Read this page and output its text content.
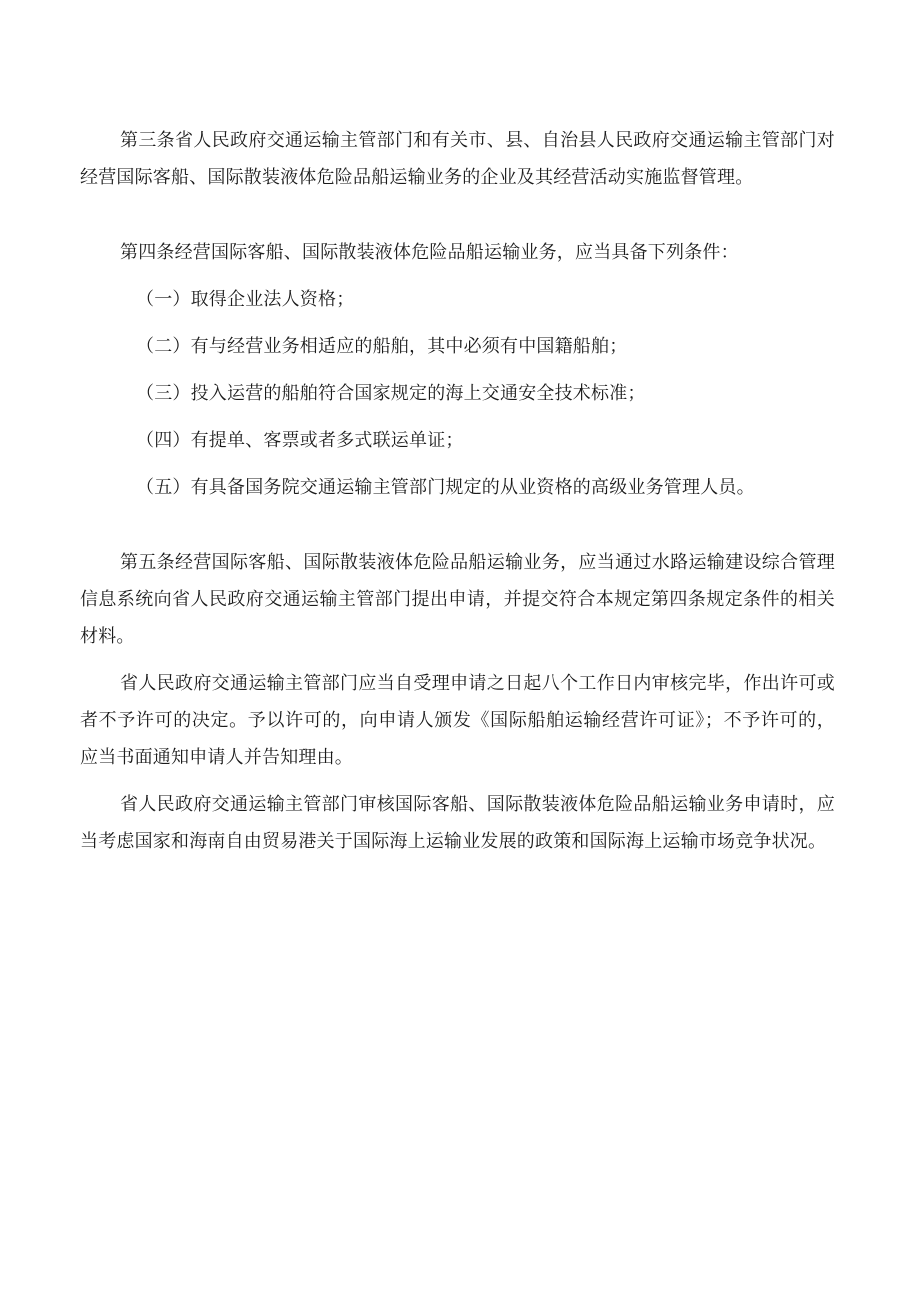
第三条省人民政府交通运输主管部门和有关市、县、自治县人民政府交通运输主管部门对经营国际客船、国际散装液体危险品船运输业务的企业及其经营活动实施监督管理。

第四条经营国际客船、国际散装液体危险品船运输业务，应当具备下列条件：

（一）取得企业法人资格；

（二）有与经营业务相适应的船舶，其中必须有中国籍船舶；

（三）投入运营的船舶符合国家规定的海上交通安全技术标准；

（四）有提单、客票或者多式联运单证；

（五）有具备国务院交通运输主管部门规定的从业资格的高级业务管理人员。

第五条经营国际客船、国际散装液体危险品船运输业务，应当通过水路运输建设综合管理信息系统向省人民政府交通运输主管部门提出申请，并提交符合本规定第四条规定条件的相关材料。

省人民政府交通运输主管部门应当自受理申请之日起八个工作日内审核完毕，作出许可或者不予许可的决定。予以许可的，向申请人颁发《国际船舶运输经营许可证》；不予许可的，应当书面通知申请人并告知理由。

省人民政府交通运输主管部门审核国际客船、国际散装液体危险品船运输业务申请时，应当考虑国家和海南自由贸易港关于国际海上运输业发展的政策和国际海上运输市场竞争状况。
